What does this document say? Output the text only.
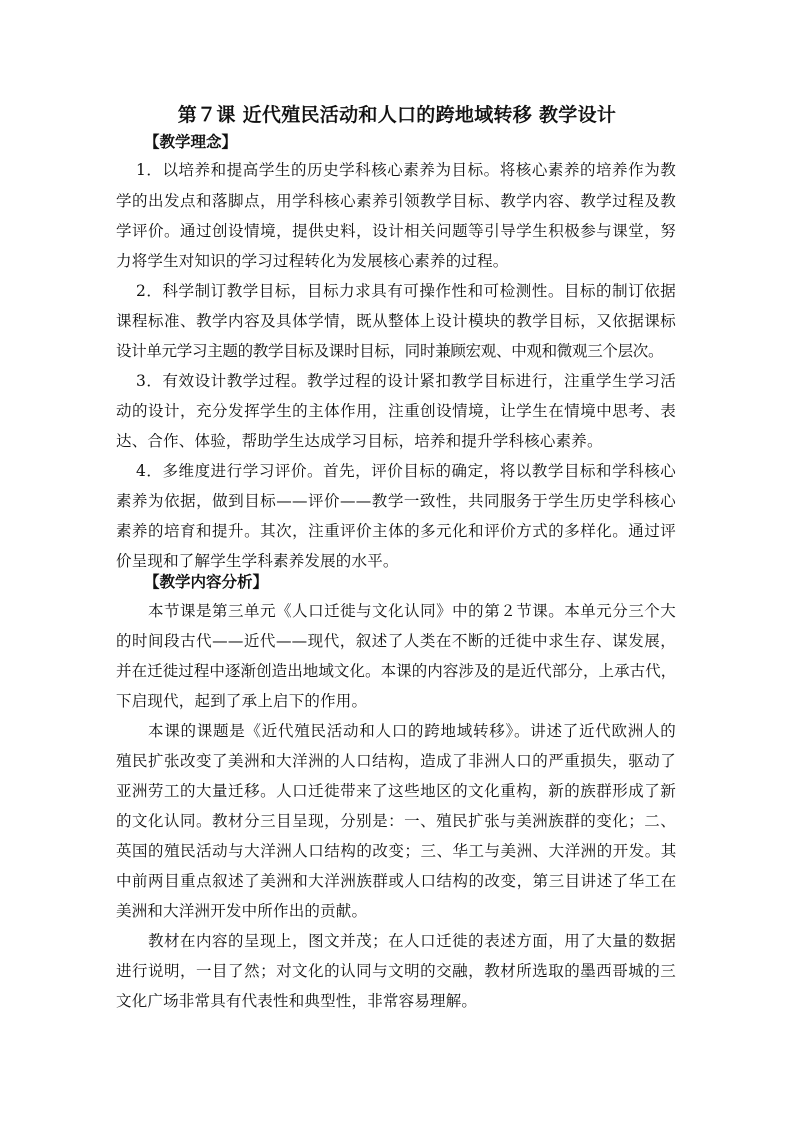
第７课 近代殖民活动和人口的跨地域转移 教学设计
【教学理念】
1．以培养和提高学生的历史学科核心素养为目标。将核心素养的培养作为教
学的出发点和落脚点，用学科核心素养引领教学目标、教学内容、教学过程及教
学评价。通过创设情境，提供史料，设计相关问题等引导学生积极参与课堂，努
力将学生对知识的学习过程转化为发展核心素养的过程。
2．科学制订教学目标，目标力求具有可操作性和可检测性。目标的制订依据
课程标准、教学内容及具体学情，既从整体上设计模块的教学目标，又依据课标
设计单元学习主题的教学目标及课时目标，同时兼顾宏观、中观和微观三个层次。
3．有效设计教学过程。教学过程的设计紧扣教学目标进行，注重学生学习活
动的设计，充分发挥学生的主体作用，注重创设情境，让学生在情境中思考、表
达、合作、体验，帮助学生达成学习目标，培养和提升学科核心素养。
4．多维度进行学习评价。首先，评价目标的确定，将以教学目标和学科核心
素养为依据，做到目标——评价——教学一致性，共同服务于学生历史学科核心
素养的培育和提升。其次，注重评价主体的多元化和评价方式的多样化。通过评
价呈现和了解学生学科素养发展的水平。
【教学内容分析】
本节课是第三单元《人口迁徙与文化认同》中的第２节课。本单元分三个大
的时间段古代——近代——现代，叙述了人类在不断的迁徙中求生存、谋发展，
并在迁徙过程中逐渐创造出地域文化。本课的内容涉及的是近代部分，上承古代，
下启现代，起到了承上启下的作用。
本课的课题是《近代殖民活动和人口的跨地域转移》。讲述了近代欧洲人的
殖民扩张改变了美洲和大洋洲的人口结构，造成了非洲人口的严重损失，驱动了
亚洲劳工的大量迁移。人口迁徙带来了这些地区的文化重构，新的族群形成了新
的文化认同。教材分三目呈现，分别是：一、殖民扩张与美洲族群的变化；二、
英国的殖民活动与大洋洲人口结构的改变；三、华工与美洲、大洋洲的开发。其
中前两目重点叙述了美洲和大洋洲族群或人口结构的改变，第三目讲述了华工在
美洲和大洋洲开发中所作出的贡献。
教材在内容的呈现上，图文并茂；在人口迁徙的表述方面，用了大量的数据
进行说明，一目了然；对文化的认同与文明的交融，教材所选取的墨西哥城的三
文化广场非常具有代表性和典型性，非常容易理解。
